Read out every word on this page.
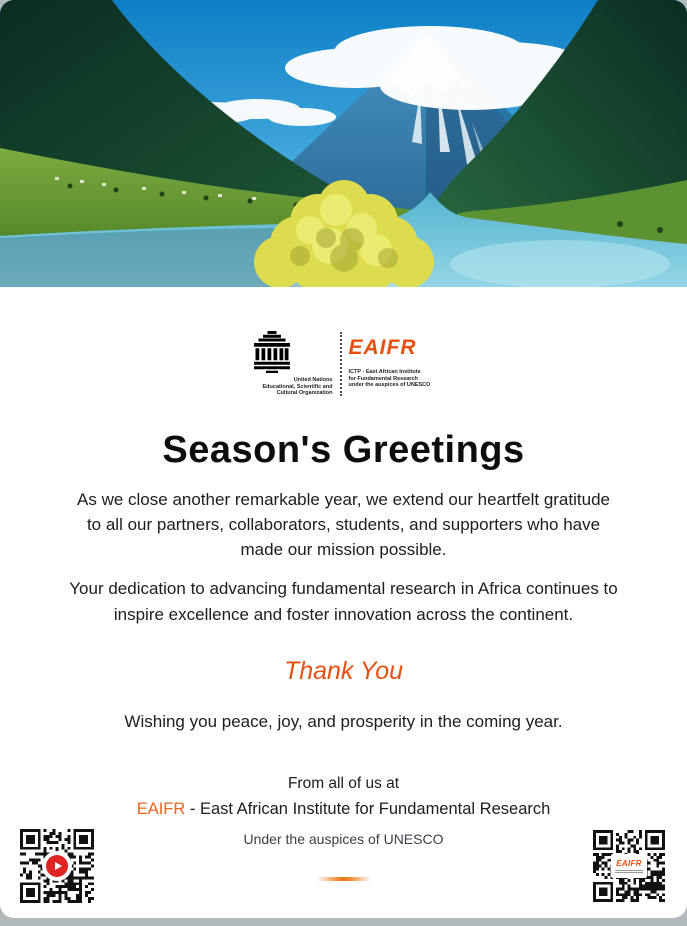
United Nations
Educational, Scientific and
Cultural Organization
EAIFR
ICTP - East African Institute
for Fundamental Research
under the auspices of UNESCO
Season's Greetings
As we close another remarkable year, we extend our heartfelt gratitude
to all our partners, collaborators, students, and supporters who have
made our mission possible.
Your dedication to advancing fundamental research in Africa continues to
inspire excellence and foster innovation across the continent.
Thank You
Wishing you peace, joy, and prosperity in the coming year.
From all of us at
EAIFR - East African Institute for Fundamental Research
Under the auspices of UNESCO
EAIFR
